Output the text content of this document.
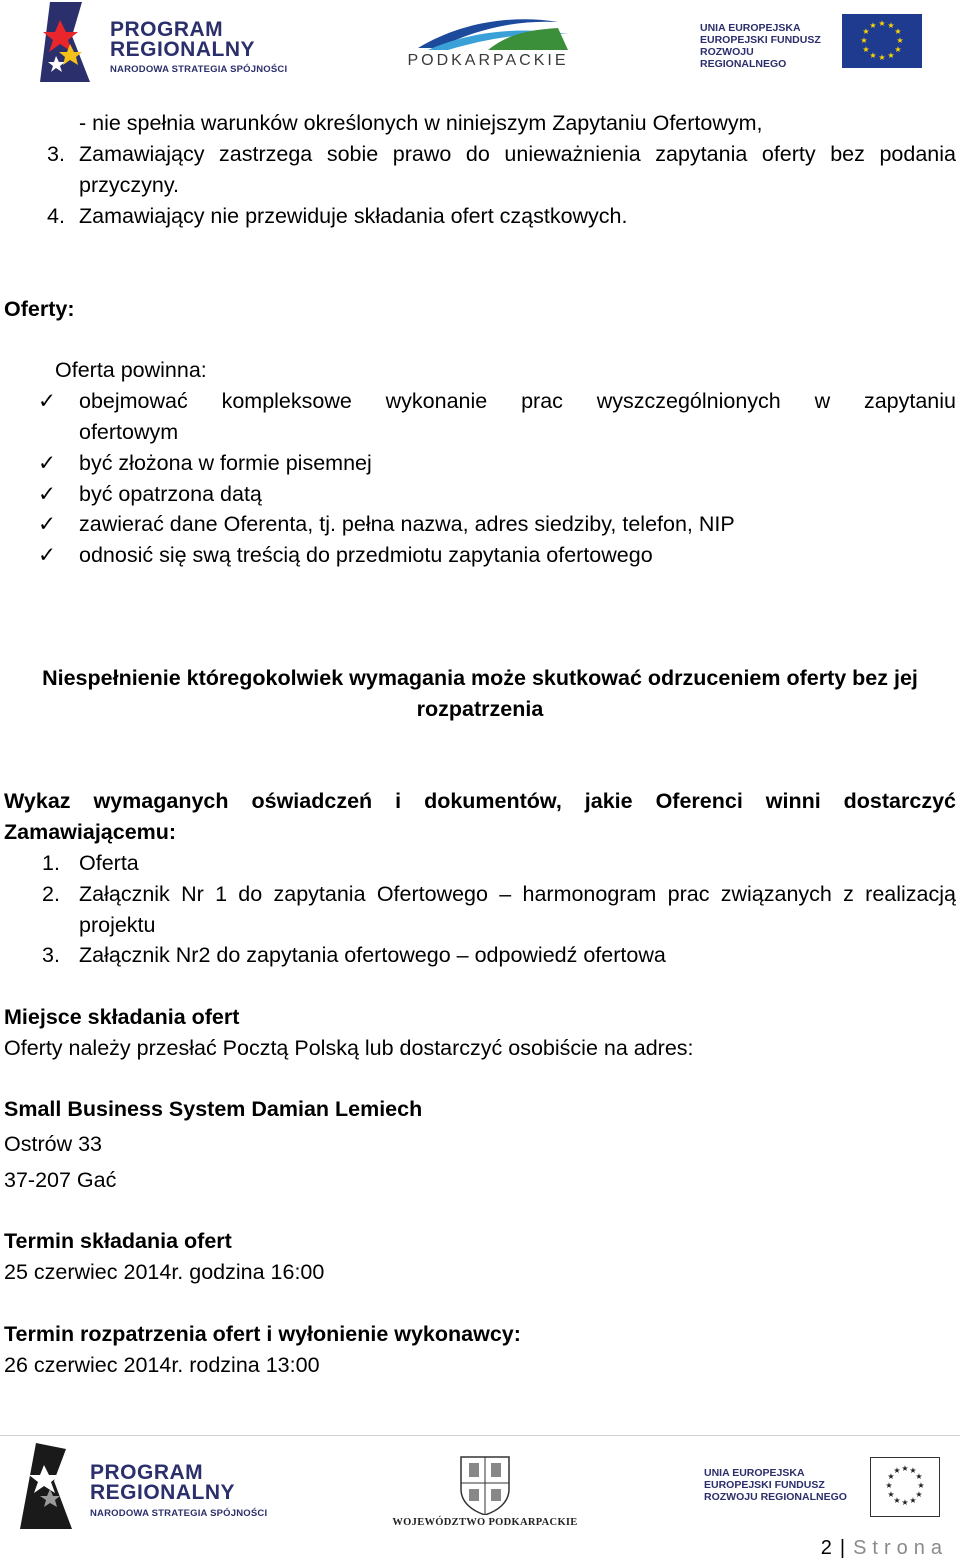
PROGRAM
REGIONALNY
NARODOWA STRATEGIA SPÓJNOŚCI
PODKARPACKIE
UNIA EUROPEJSKA
EUROPEJSKI FUNDUSZ
ROZWOJU REGIONALNEGO
★ ★
★
★
★
★
★
★
★
★
★
★
- nie spełnia warunków określonych w niniejszym Zapytaniu Ofertowym,
3. Zamawiający zastrzega sobie prawo do unieważnienia zapytania oferty bez podania
przyczyny.
4. Zamawiający nie przewiduje składania ofert cząstkowych.
Oferty:
Oferta powinna:
✓	obejmować kompleksowe wykonanie prac wyszczególnionych w zapytaniu
ofertowym
✓	być złożona w formie pisemnej
✓	być opatrzona datą
✓	zawierać dane Oferenta, tj. pełna nazwa, adres siedziby, telefon, NIP
✓	odnosić się swą treścią do przedmiotu zapytania ofertowego
Niespełnienie któregokolwiek wymagania może skutkować odrzuceniem oferty bez jej
rozpatrzenia
Wykaz wymaganych oświadczeń i dokumentów, jakie Oferenci winni dostarczyć
Zamawiającemu:
1. Oferta
2. Załącznik Nr 1 do zapytania Ofertowego – harmonogram prac związanych z realizacją
projektu
3. Załącznik Nr2 do zapytania ofertowego – odpowiedź ofertowa
Miejsce składania ofert
Oferty należy przesłać Pocztą Polską lub dostarczyć osobiście na adres:
Small Business System Damian Lemiech
Ostrów 33
37-207 Gać
Termin składania ofert
25 czerwiec 2014r. godzina 16:00
Termin rozpatrzenia ofert i wyłonienie wykonawcy:
26 czerwiec 2014r. rodzina 13:00
PROGRAM
REGIONALNY
NARODOWA STRATEGIA SPÓJNOŚCI
WOJEWÓDZTWO PODKARPACKIE
UNIA EUROPEJSKA
EUROPEJSKI FUNDUSZ
ROZWOJU REGIONALNEGO
★ ★
★
★
★
★
★
★
★
★
★
★
2 | Strona
